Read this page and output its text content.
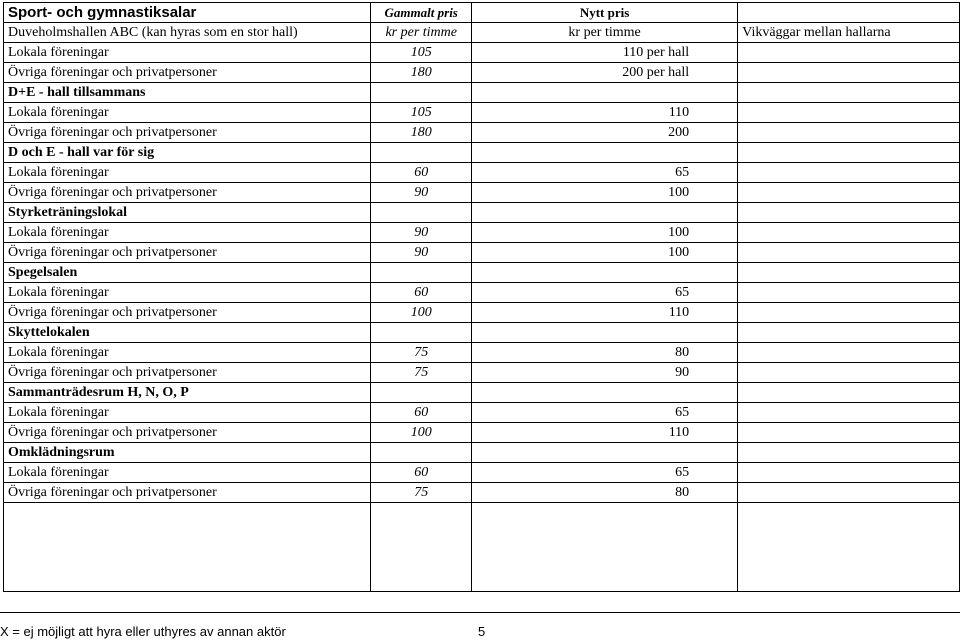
Sport- och gymnastiksalar	Gammalt pris	Nytt pris	
Duveholmshallen ABC (kan hyras som en stor hall)	kr per timme	kr per timme	Vikväggar mellan hallarna
Lokala föreningar	105	110 per hall	
Övriga föreningar och privatpersoner	180	200 per hall	
D+E - hall tillsammans			
Lokala föreningar	105	110	
Övriga föreningar och privatpersoner	180	200	
D och E - hall var för sig			
Lokala föreningar	60	65	
Övriga föreningar och privatpersoner	90	100	
Styrketräningslokal			
Lokala föreningar	90	100	
Övriga föreningar och privatpersoner	90	100	
Spegelsalen			
Lokala föreningar	60	65	
Övriga föreningar och privatpersoner	100	110	
Skyttelokalen			
Lokala föreningar	75	80	
Övriga föreningar och privatpersoner	75	90	
Sammanträdesrum H, N, O, P			
Lokala föreningar	60	65	
Övriga föreningar och privatpersoner	100	110	
Omklädningsrum			
Lokala föreningar	60	65	
Övriga föreningar och privatpersoner	75	80	

X = ej möjligt att hyra eller uthyres av annan aktör	5
